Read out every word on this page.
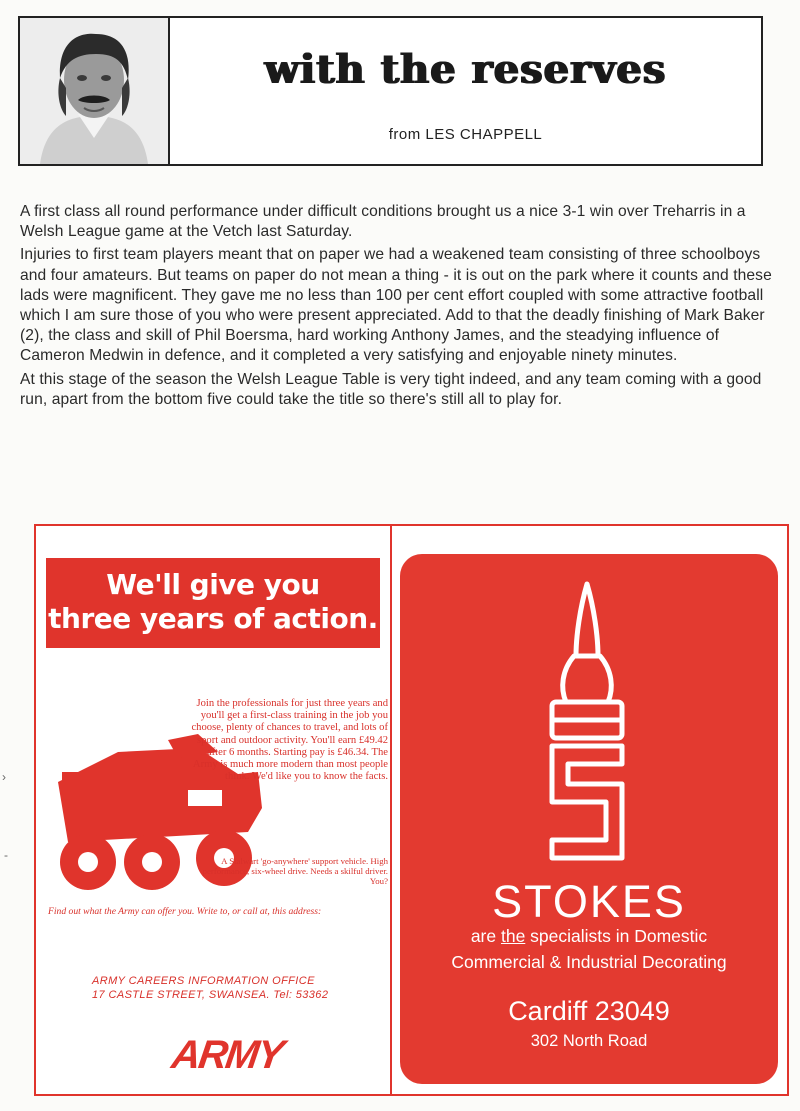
with the reserves
from LES CHAPPELL

A first class all round performance under difficult conditions brought us a nice 3-1 win over Treharris in a Welsh League game at the Vetch last Saturday.

Injuries to first team players meant that on paper we had a weakened team consisting of three schoolboys and four amateurs. But teams on paper do not mean a thing - it is out on the park where it counts and these lads were magnificent. They gave me no less than 100 per cent effort coupled with some attractive football which I am sure those of you who were present appreciated. Add to that the deadly finishing of Mark Baker (2), the class and skill of Phil Boersma, hard working Anthony James, and the steadying influence of Cameron Medwin in defence, and it completed a very satisfying and enjoyable ninety minutes.

At this stage of the season the Welsh League Table is very tight indeed, and any team coming with a good run, apart from the bottom five could take the title so there's still all to play for.

›
-
We'll give you
three years of action.
Join the professionals for just three years and you'll get a first-class training in the job you choose, plenty of chances to travel, and lots of sport and outdoor activity. You'll earn £49.42 after 6 months. Starting pay is £46.34. The Army is much more modern than most people think. We'd like you to know the facts.
A Stalwart 'go-anywhere' support vehicle. High performance, six-wheel drive. Needs a skilful driver. You?
Find out what the Army can offer you. Write to, or call at, this address:
ARMY CAREERS INFORMATION OFFICE
17 CASTLE STREET, SWANSEA. Tel: 53362
ARMY
STOKES
are the specialists in Domestic
Commercial & Industrial Decorating
Cardiff 23049
302 North Road
